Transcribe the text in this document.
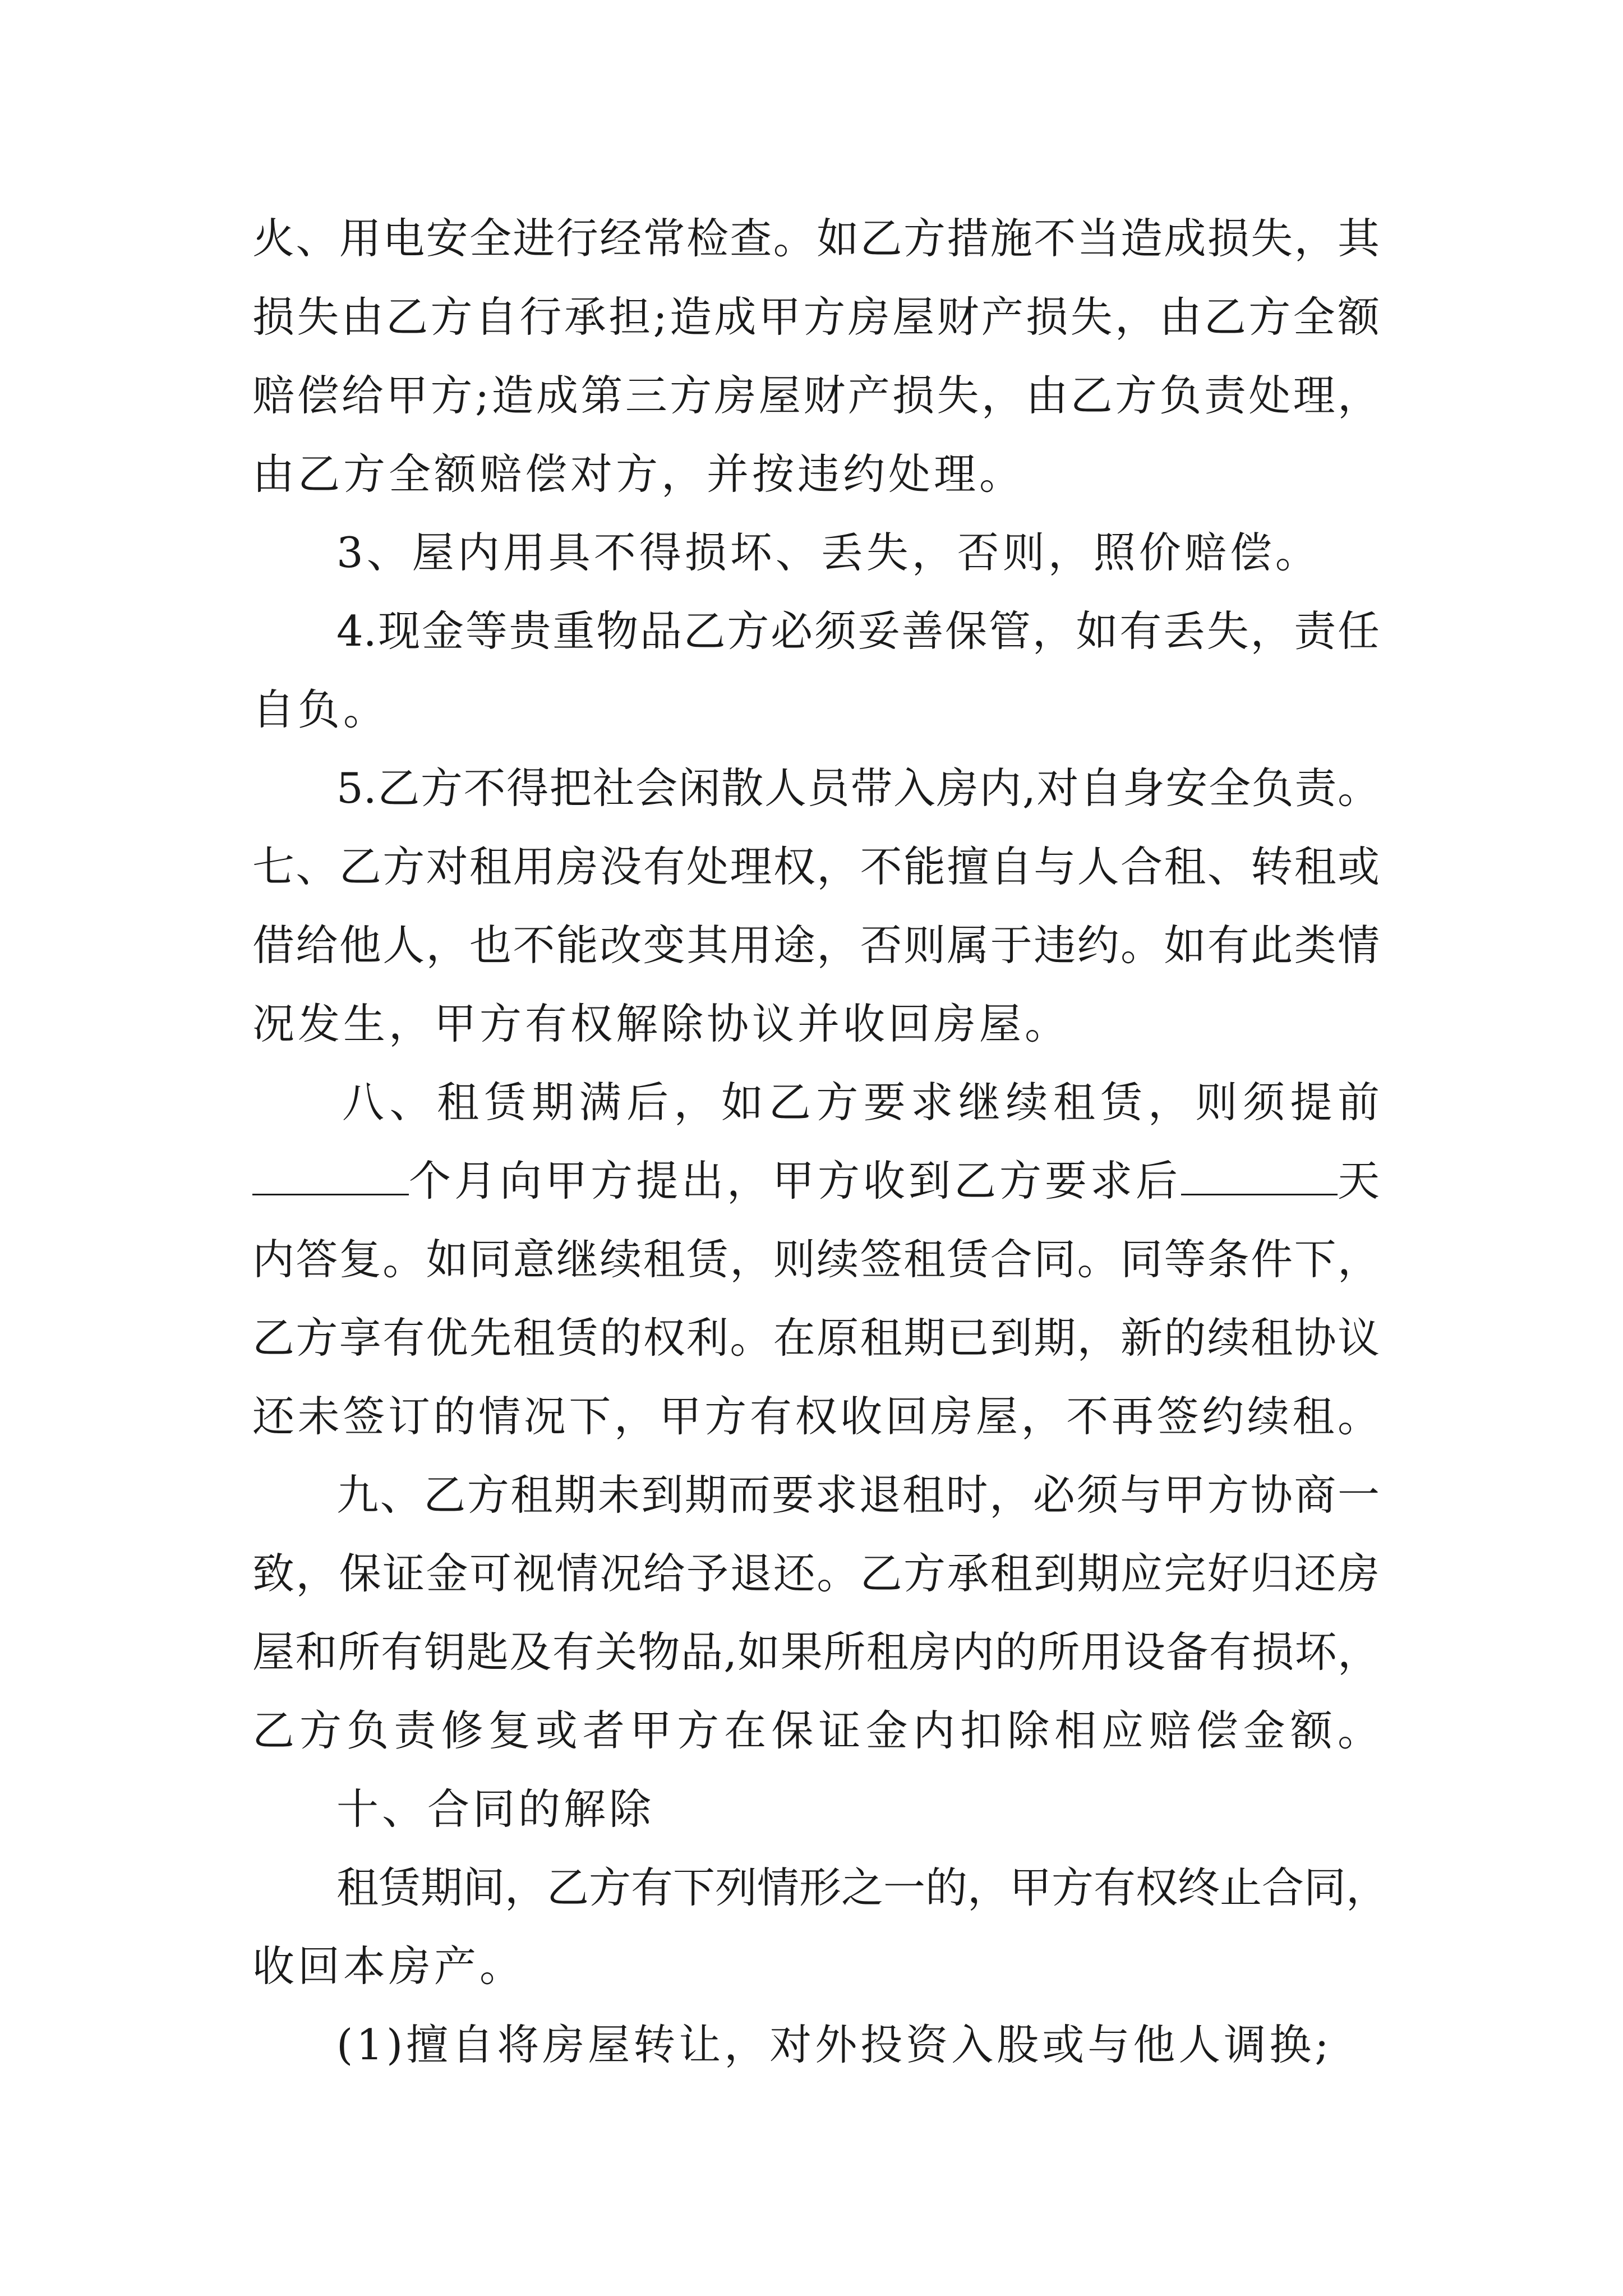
火、用电安全进行经常检查。如乙方措施不当造成损失，其
损失由乙方自行承担;造成甲方房屋财产损失，由乙方全额
赔偿给甲方;造成第三方房屋财产损失，由乙方负责处理，
由乙方全额赔偿对方，并按违约处理。
3、屋内用具不得损坏、丢失，否则，照价赔偿。
4.现金等贵重物品乙方必须妥善保管，如有丢失，责任
自负。
5.乙方不得把社会闲散人员带入房内,对自身安全负责。
七、乙方对租用房没有处理权，不能擅自与人合租、转租或
借给他人，也不能改变其用途，否则属于违约。如有此类情
况发生，甲方有权解除协议并收回房屋。
八、租赁期满后，如乙方要求继续租赁，则须提前
个月向甲方提出，甲方收到乙方要求后	天
内答复。如同意继续租赁，则续签租赁合同。同等条件下，
乙方享有优先租赁的权利。在原租期已到期，新的续租协议
还未签订的情况下，甲方有权收回房屋，不再签约续租。
九、乙方租期未到期而要求退租时，必须与甲方协商一
致，保证金可视情况给予退还。乙方承租到期应完好归还房
屋和所有钥匙及有关物品,如果所租房内的所用设备有损坏，
乙方负责修复或者甲方在保证金内扣除相应赔偿金额。
十、合同的解除
租赁期间，乙方有下列情形之一的，甲方有权终止合同，
收回本房产。
(1)擅自将房屋转让，对外投资入股或与他人调换;
